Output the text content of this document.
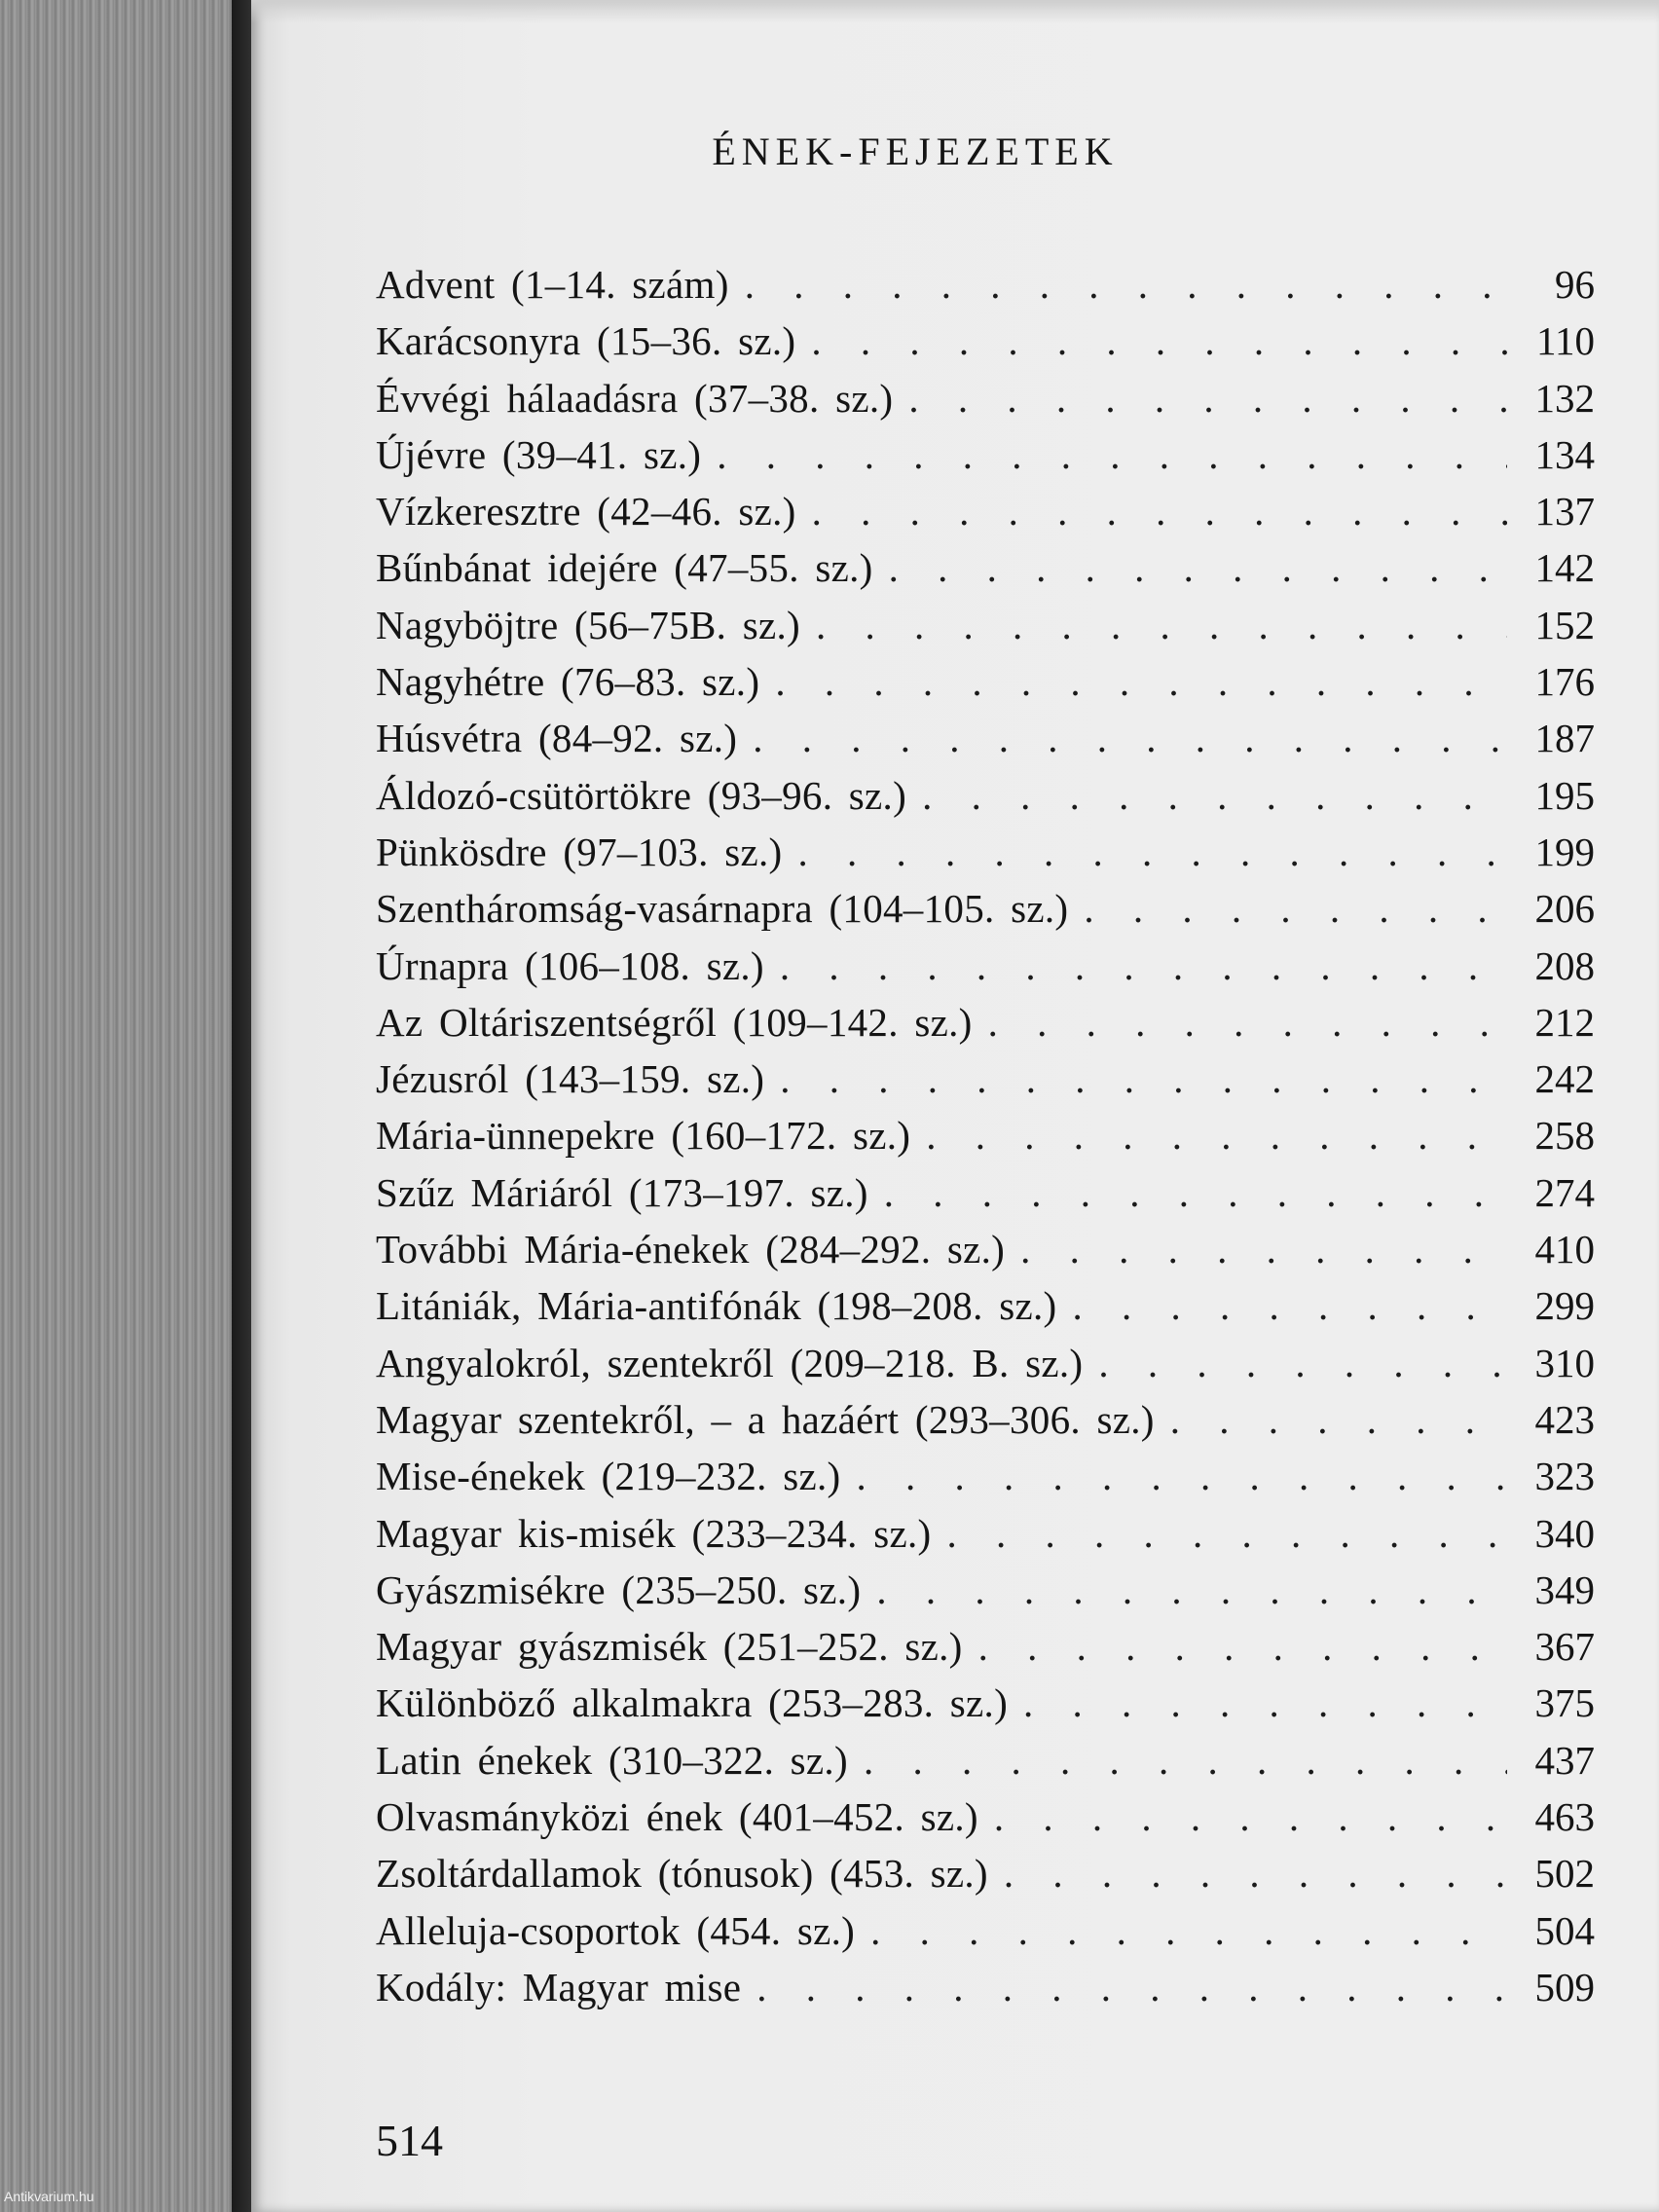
ÉNEK-FEJEZETEK
Advent (1–14. szám) . . .	96
Karácsonyra (15–36. sz.) . . .	110
Évvégi hálaadásra (37–38. sz.) . . .	132
Újévre (39–41. sz.) . . .	134
Vízkeresztre (42–46. sz.) . . .	137
Bűnbánat idejére (47–55. sz.) . . .	142
Nagyböjtre (56–75B. sz.) . . .	152
Nagyhétre (76–83. sz.) . . .	176
Húsvétra (84–92. sz.) . . .	187
Áldozó-csütörtökre (93–96. sz.) . . .	195
Pünkösdre (97–103. sz.) . . .	199
Szentháromság-vasárnapra (104–105. sz.) . . .	206
Úrnapra (106–108. sz.) . . .	208
Az Oltáriszentségről (109–142. sz.) . . .	212
Jézusról (143–159. sz.) . . .	242
Mária-ünnepekre (160–172. sz.) . . .	258
Szűz Máriáról (173–197. sz.) . . .	274
További Mária-énekek (284–292. sz.) . . .	410
Litániák, Mária-antifónák (198–208. sz.) . . .	299
Angyalokról, szentekről (209–218. B. sz.) . . .	310
Magyar szentekről, – a hazáért (293–306. sz.) . . .	423
Mise-énekek (219–232. sz.) . . .	323
Magyar kis-misék (233–234. sz.) . . .	340
Gyászmisékre (235–250. sz.) . . .	349
Magyar gyászmisék (251–252. sz.) . . .	367
Különböző alkalmakra (253–283. sz.) . . .	375
Latin énekek (310–322. sz.) . . .	437
Olvasmányközi ének (401–452. sz.) . . .	463
Zsoltárdallamok (tónusok) (453. sz.) . . .	502
Alleluja-csoportok (454. sz.) . . .	504
Kodály: Magyar mise . . .	509
514
Antikvarium.hu
